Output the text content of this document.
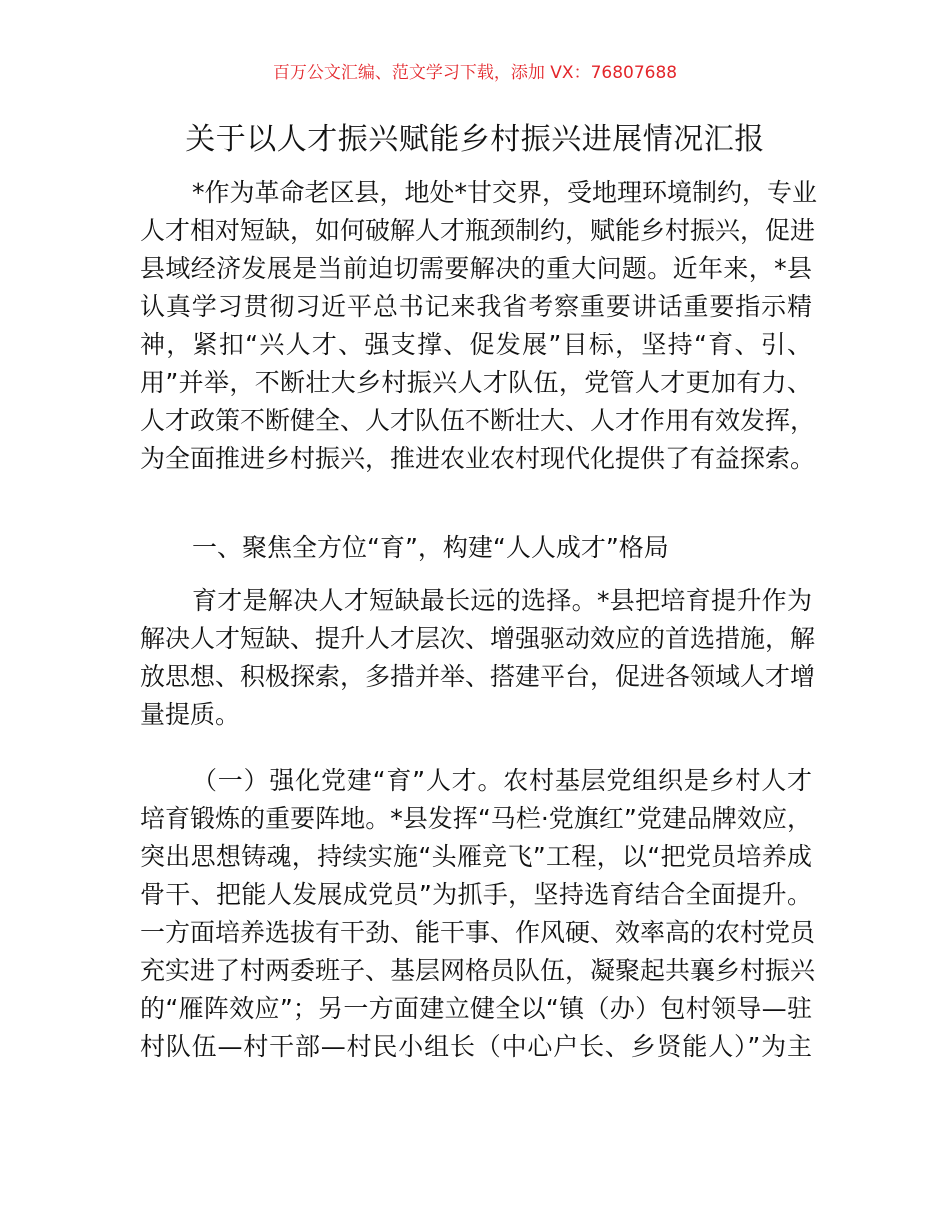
百万公文汇编、范文学习下载，添加 VX：76807688
关于以人才振兴赋能乡村振兴进展情况汇报
*作为革命老区县，地处*甘交界，受地理环境制约，专业
人才相对短缺，如何破解人才瓶颈制约，赋能乡村振兴，促进
县域经济发展是当前迫切需要解决的重大问题。近年来，*县
认真学习贯彻习近平总书记来我省考察重要讲话重要指示精
神，紧扣“兴人才、强支撑、促发展”目标，坚持“育、引、
用”并举，不断壮大乡村振兴人才队伍，党管人才更加有力、
人才政策不断健全、人才队伍不断壮大、人才作用有效发挥，
为全面推进乡村振兴，推进农业农村现代化提供了有益探索。
一、聚焦全方位“育”，构建“人人成才”格局
育才是解决人才短缺最长远的选择。*县把培育提升作为
解决人才短缺、提升人才层次、增强驱动效应的首选措施，解
放思想、积极探索，多措并举、搭建平台，促进各领域人才增
量提质。
（一）强化党建“育”人才。农村基层党组织是乡村人才
培育锻炼的重要阵地。*县发挥“马栏·党旗红”党建品牌效应，
突出思想铸魂，持续实施“头雁竞飞”工程，以“把党员培养成
骨干、把能人发展成党员”为抓手，坚持选育结合全面提升。
一方面培养选拔有干劲、能干事、作风硬、效率高的农村党员
充实进了村两委班子、基层网格员队伍，凝聚起共襄乡村振兴
的“雁阵效应”；另一方面建立健全以“镇（办）包村领导—驻
村队伍—村干部—村民小组长（中心户长、乡贤能人）”为主
